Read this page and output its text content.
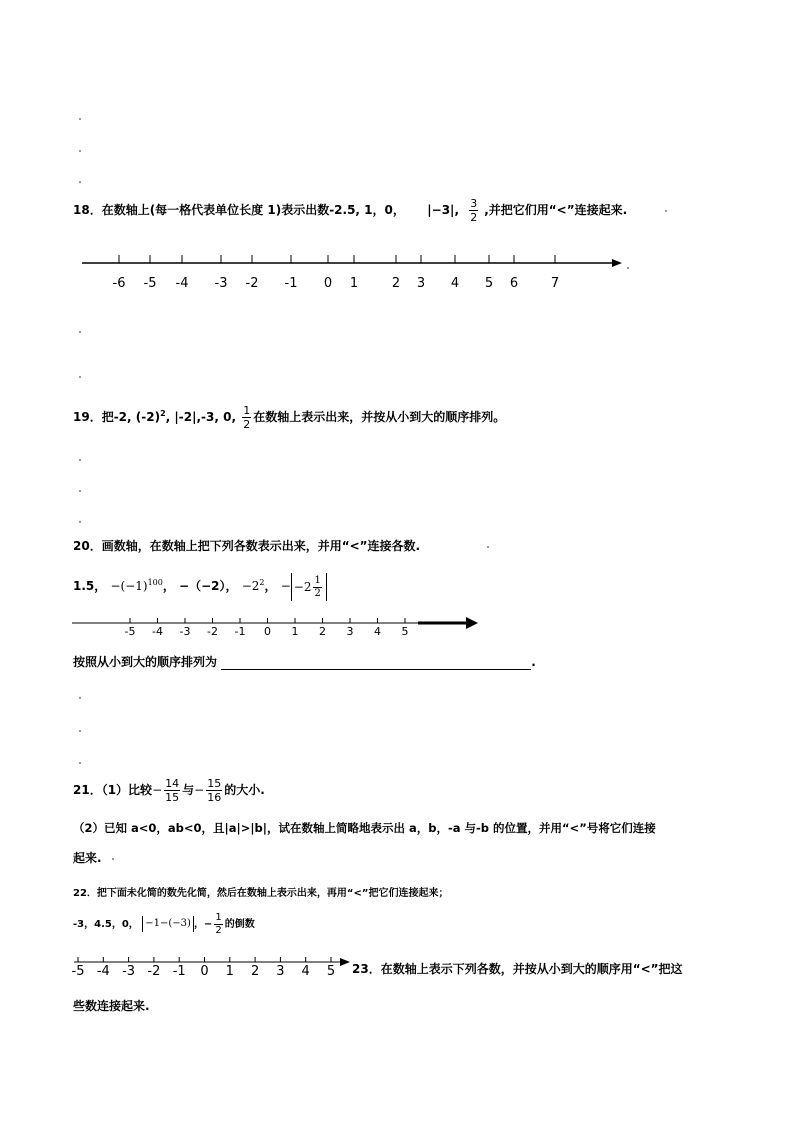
18．在数轴上(每一格代表单位长度 1)表示出数-2.5, 1，0， |−3|, $\frac{3}{2}$ ,并把它们用“<”连接起来.
-6	-5	-4	-3	-2	-1	0	1	2	3	4	5	6	7
19．把-2, $(-2)^2$, |-2|,-3, 0, $\frac{1}{2}$ 在数轴上表示出来，并按从小到大的顺序排列。
20．画数轴，在数轴上把下列各数表示出来，并用“<”连接各数.
1.5， $-(-1)^{100}$， −（−2）， $-2^2$， − $-2 \frac{1}{2}$
-5	-4	-3	-2	-1	0	1	2	3	4	5
按照从小到大的顺序排列为	.
21．（1）比较− $\frac{14}{15}$ 与− $\frac{15}{16}$ 的大小.
（2）已知 a<0，ab<0，且|a|>|b|，试在数轴上简略地表示出 a，b，-a 与-b 的位置，并用“<”号将它们连接
起来.
22．把下面未化简的数先化简，然后在数轴上表示出来，再用“<”把它们连接起来；
-3，4.5，0， −1−(−3) ，− $\frac{1}{2}$ 的倒数
-5 -4 -3 -2 -1	0	1	2	3	4	5	23．在数轴上表示下列各数，并按从小到大的顺序用“<”把这
些数连接起来.
